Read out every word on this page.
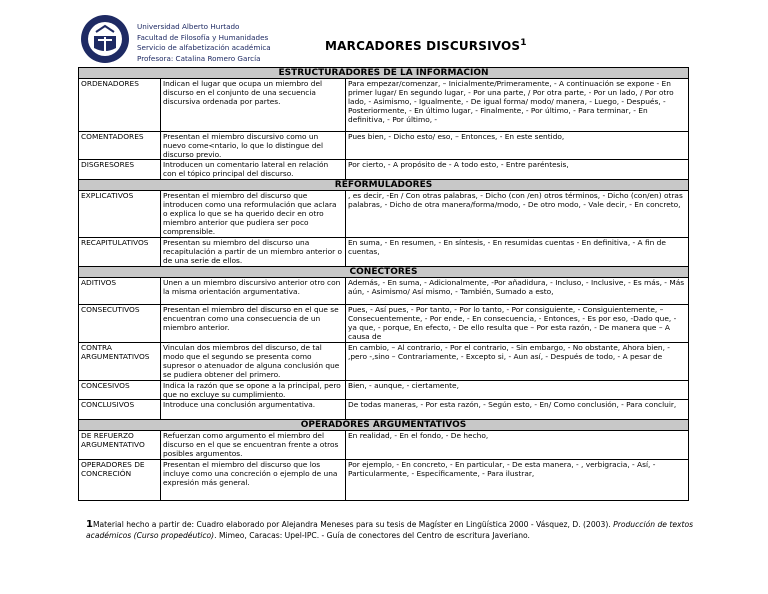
Universidad Alberto Hurtado
Facultad de Filosofía y Humanidades
Servicio de alfabetización académica
Profesora: Catalina Romero García
MARCADORES DISCURSIVOS$^1$
ESTRUCTURADORES DE LA INFORMACIÓN		
ORDENADORES	Indican el lugar que ocupa un miembro del discurso en el conjunto de una secuencia discursiva ordenada por partes.	Para empezar/comenzar, – Inicialmente/Primeramente, - A continuación se expone - En primer lugar/ En segundo lugar, - Por una parte, / Por otra parte, - Por un lado, / Por otro lado, - Asimismo, - Igualmente, - De igual forma/ modo/ manera, - Luego, - Después, - Posteriormente, - En último lugar, - Finalmente, - Por último, - Para terminar, - En definitiva, - Por último, -
COMENTADORES	Presentan el miembro discursivo como un nuevo come<ntario, lo que lo distingue del discurso previo.	Pues bien, - Dicho esto/ eso, – Entonces, - En este sentido,
DISGRESORES	Introducen un comentario lateral en relación con el tópico principal del discurso.	Por cierto, - A propósito de - A todo esto, - Entre paréntesis,
REFORMULADORES		
EXPLICATIVOS	Presentan el miembro del discurso que introducen como una reformulación que aclara o explica lo que se ha querido decir en otro miembro anterior que pudiera ser poco comprensible.	, es decir, -En / Con otras palabras, - Dicho (con /en) otros términos, - Dicho (con/en) otras palabras, - Dicho de otra manera/forma/modo, - De otro modo, - Vale decir, - En concreto,
RECAPITULATIVOS	Presentan su miembro del discurso una recapitulación a partir de un miembro anterior o de una serie de ellos.	En suma, - En resumen, - En síntesis, - En resumidas cuentas - En definitiva, - A fin de cuentas,
CONECTORES		
ADITIVOS	Unen a un miembro discursivo anterior otro con la misma orientación argumentativa.	Además, - En suma, - Adicionalmente, -Por añadidura, - Incluso, - Inclusive, - Es más, - Más aún, - Asimismo/ Así mismo, - También, Sumado a esto,
CONSECUTIVOS	Presentan el miembro del discurso en el que se encuentran como una consecuencia de un miembro anterior.	Pues, - Así pues, - Por tanto, - Por lo tanto, - Por consiguiente, - Consiguientemente, – Consecuentemente, - Por ende, - En consecuencia, - Entonces, - Es por eso, -Dado que, - ya que, - porque, En efecto, - De ello resulta que – Por esta razón, - De manera que – A causa de
CONTRA ARGUMENTATIVOS	Vinculan dos miembros del discurso, de tal modo que el segundo se presenta como supresor o atenuador de alguna conclusión que se pudiera obtener del primero.	En cambio, – Al contrario, - Por el contrario, - Sin embargo, - No obstante, Ahora bien, - ,pero -,sino – Contrariamente, - Excepto si, - Aun así, - Después de todo, - A pesar de
CONCESIVOS	Indica la razón que se opone a la principal, pero que no excluye su cumplimiento.	Bien, - aunque, - ciertamente,
CONCLUSIVOS	Introduce una conclusión argumentativa.	De todas maneras, - Por esta razón, - Según esto, - En/ Como conclusión, - Para concluir,
OPERADORES ARGUMENTATIVOS		
DE REFUERZO ARGUMENTATIVO	Refuerzan como argumento el miembro del discurso en el que se encuentran frente a otros posibles argumentos.	En realidad, - En el fondo, - De hecho,
OPERADORES DE CONCRECIÓN	Presentan el miembro del discurso que los incluye como una concreción o ejemplo de una expresión más general.	Por ejemplo, - En concreto, - En particular, - De esta manera, - , verbigracia, - Así, - Particularmente, - Específicamente, - Para ilustrar,
1Material hecho a partir de: Cuadro elaborado por Alejandra Meneses para su tesis de Magíster en Lingüística 2000 - Vásquez, D. (2003). Producción de textos académicos (Curso propedéutico). Mimeo, Caracas: Upel-IPC. - Guía de conectores del Centro de escritura Javeriano.
